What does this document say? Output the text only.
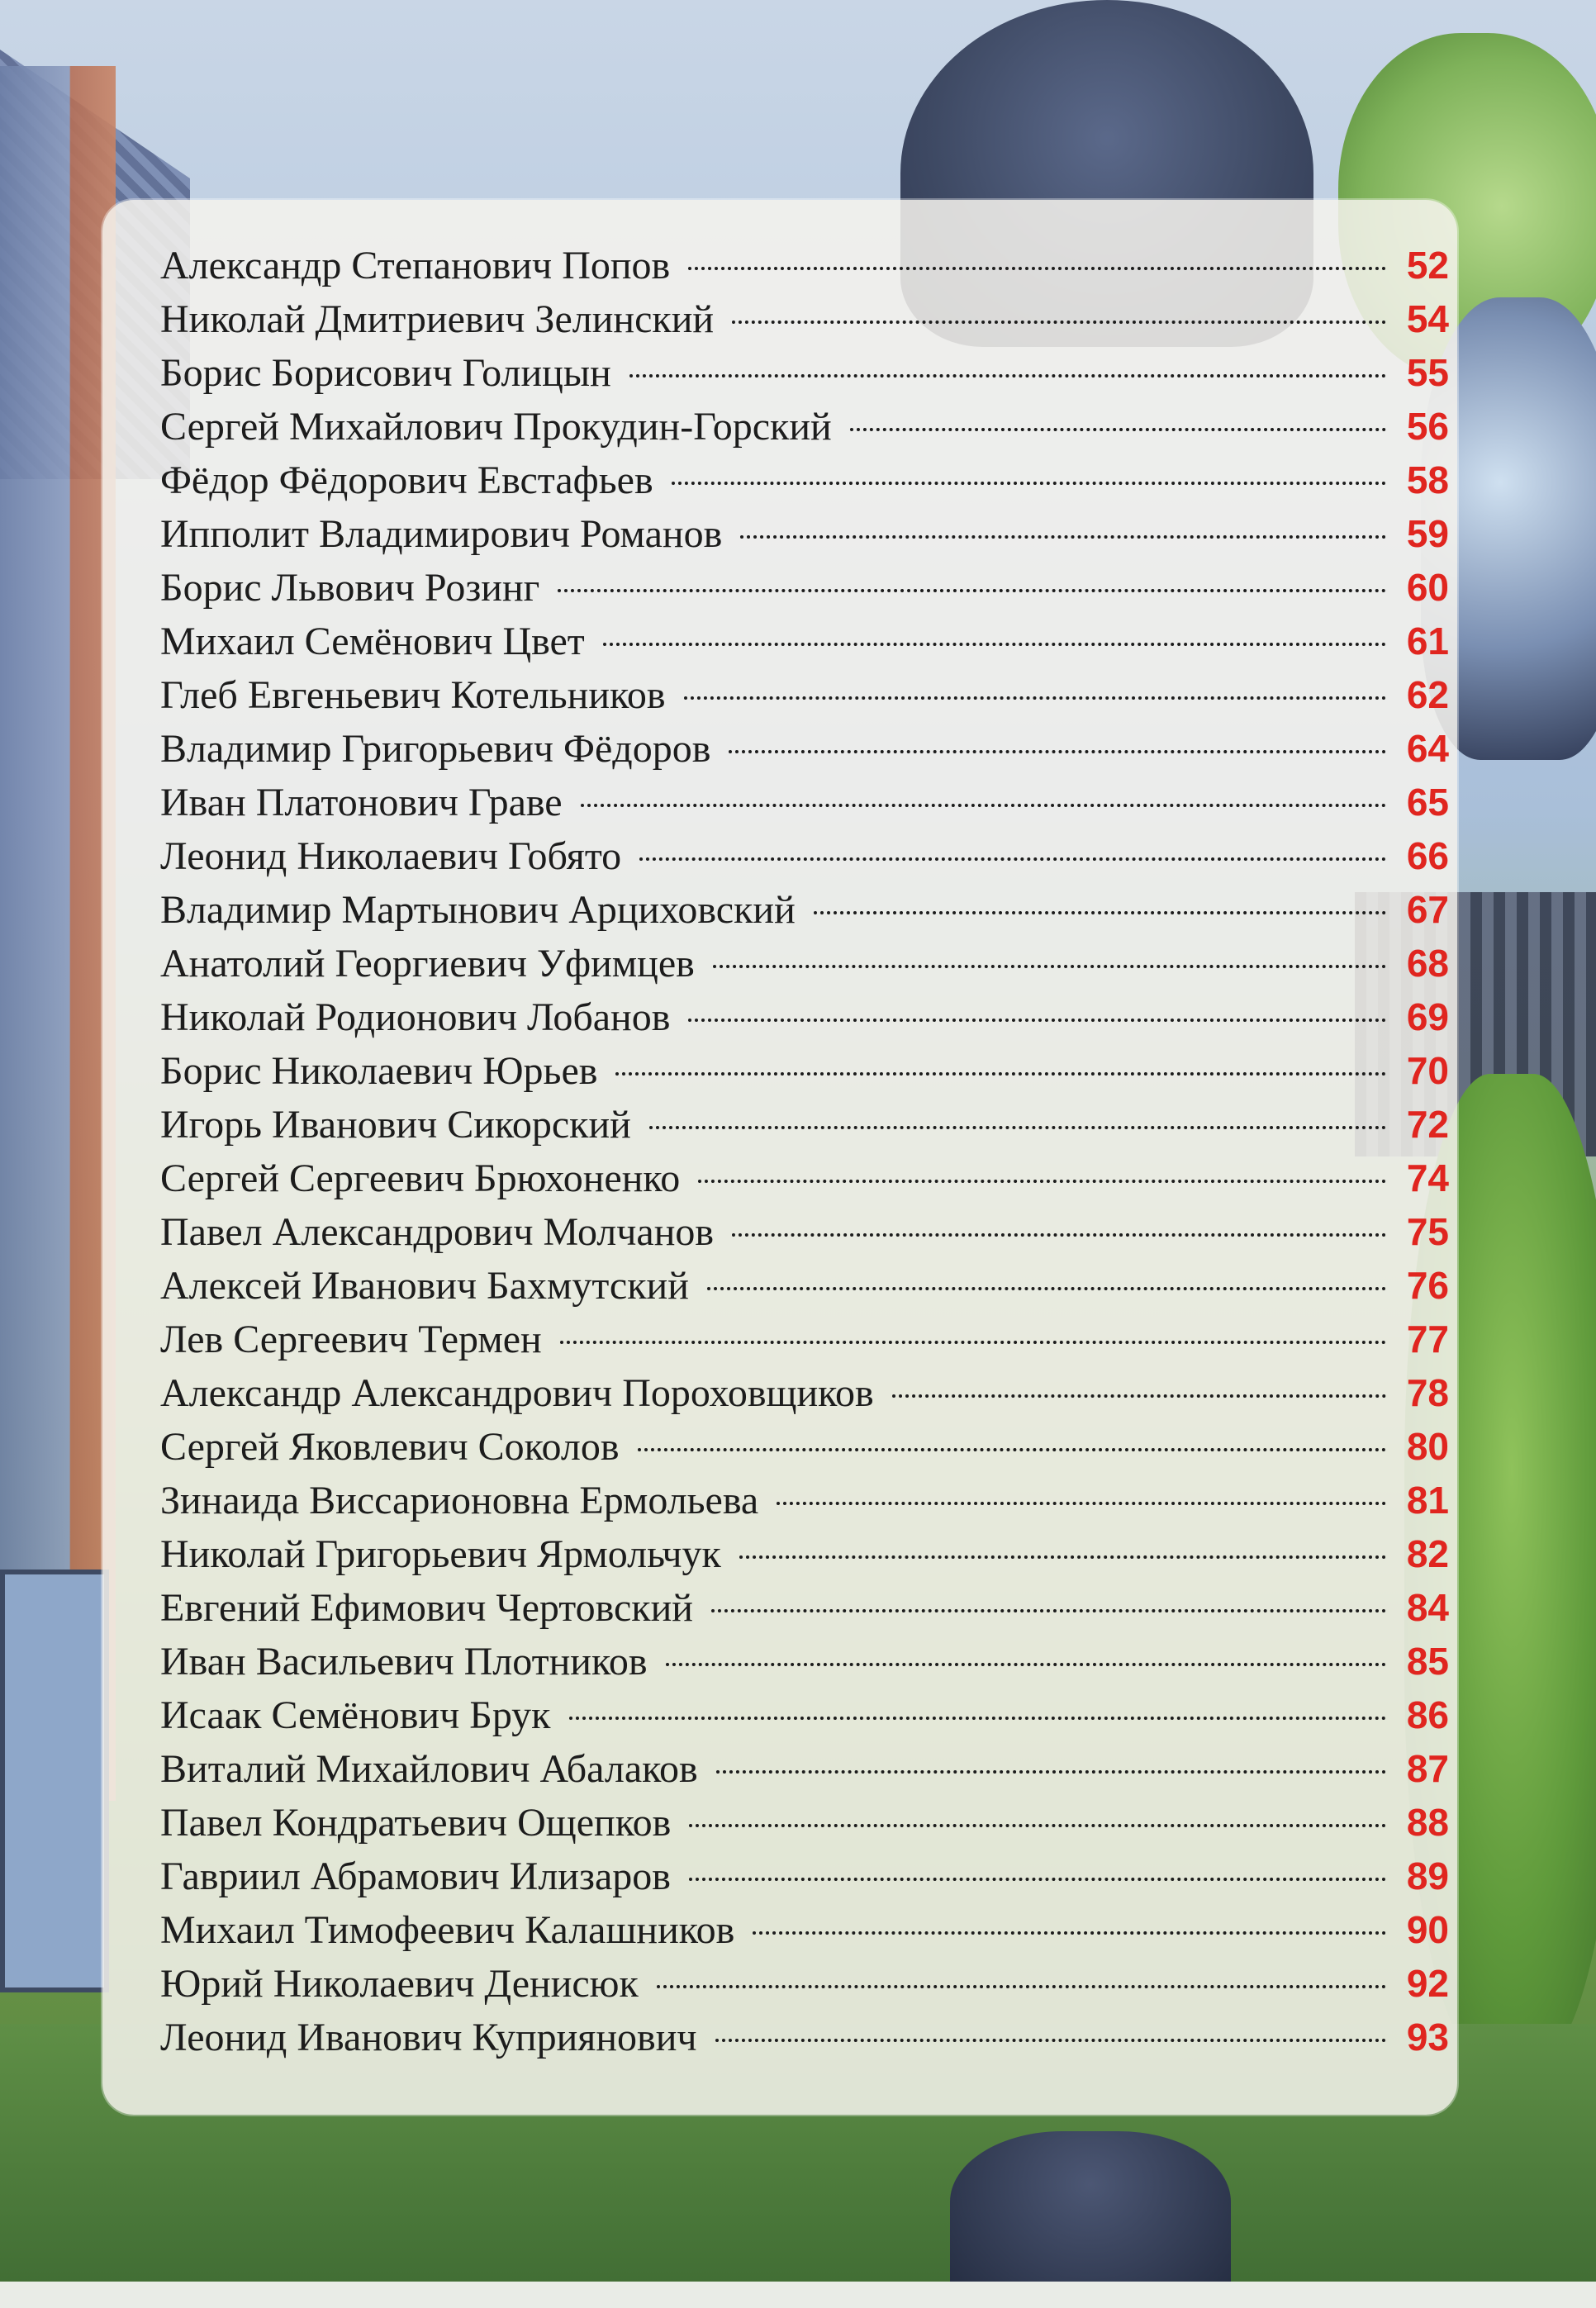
Александр Степанович Попов	52
Николай Дмитриевич Зелинский	54
Борис Борисович Голицын	55
Сергей Михайлович Прокудин-Горский	56
Фёдор Фёдорович Евстафьев	58
Ипполит Владимирович Романов	59
Борис Львович Розинг	60
Михаил Семёнович Цвет	61
Глеб Евгеньевич Котельников	62
Владимир Григорьевич Фёдоров	64
Иван Платонович Граве	65
Леонид Николаевич Гобято	66
Владимир Мартынович Арциховский	67
Анатолий Георгиевич Уфимцев	68
Николай Родионович Лобанов	69
Борис Николаевич Юрьев	70
Игорь Иванович Сикорский	72
Сергей Сергеевич Брюхоненко	74
Павел Александрович Молчанов	75
Алексей Иванович Бахмутский	76
Лев Сергеевич Термен	77
Александр Александрович Пороховщиков	78
Сергей Яковлевич Соколов	80
Зинаида Виссарионовна Ермольева	81
Николай Григорьевич Ярмольчук	82
Евгений Ефимович Чертовский	84
Иван Васильевич Плотников	85
Исаак Семёнович Брук	86
Виталий Михайлович Абалаков	87
Павел Кондратьевич Ощепков	88
Гавриил Абрамович Илизаров	89
Михаил Тимофеевич Калашников	90
Юрий Николаевич Денисюк	92
Леонид Иванович Куприянович	93
